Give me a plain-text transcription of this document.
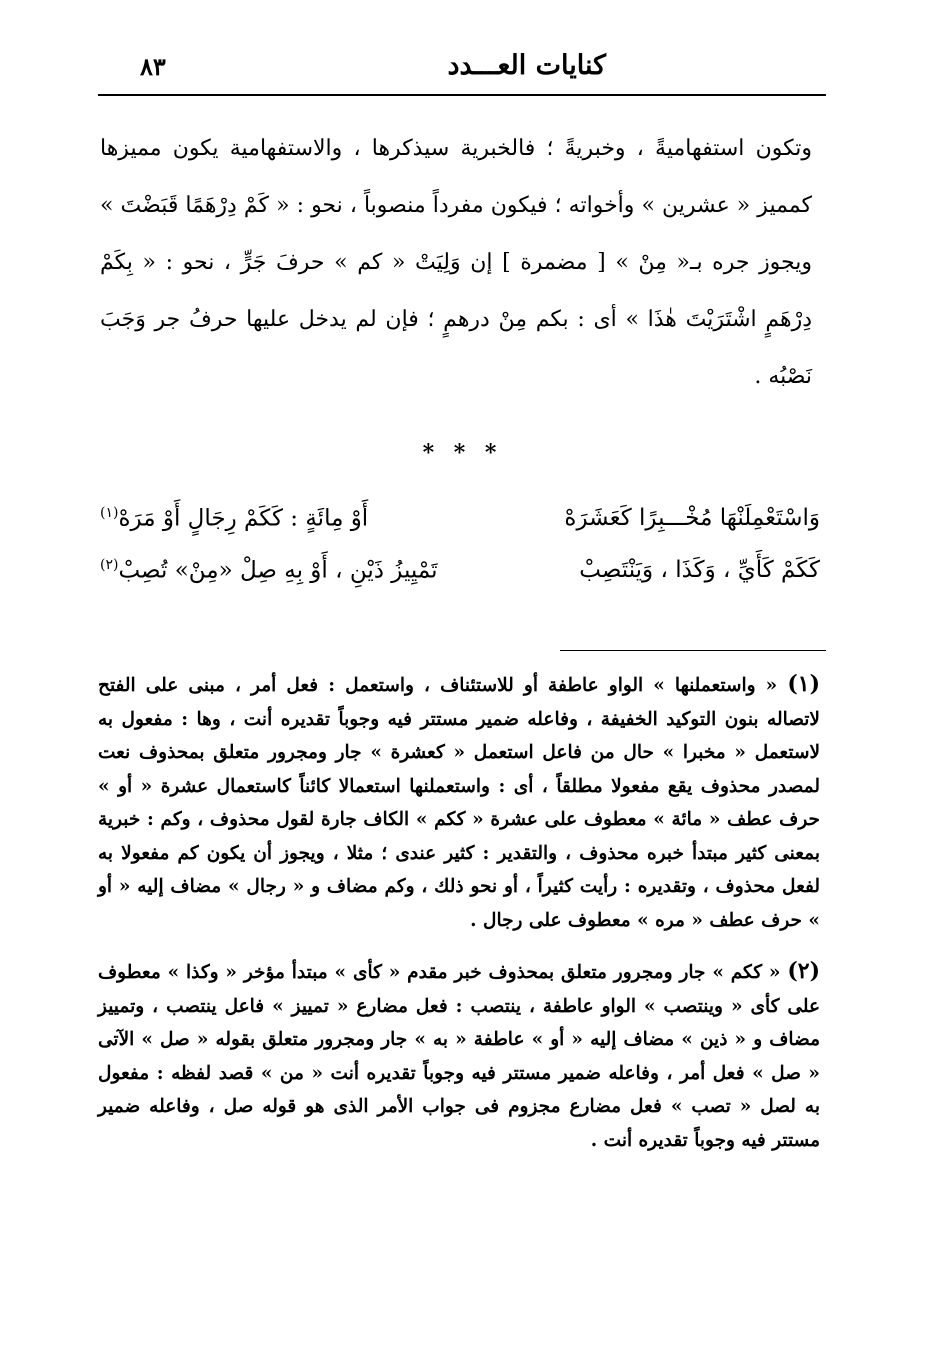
كنايات العـــدد
٨٣

وتكون استفهاميةً ، وخبريةً ؛ فالخبرية سيذكرها ، والاستفهامية يكون مميزها كمميز « عشرين » وأخواته ؛ فيكون مفرداً منصوباً ، نحو : « كَمْ دِرْهَمًا قَبَضْتَ » ويجوز جره بـ« مِنْ » [ مضمرة ] إن وَلِيَتْ « كم » حرفَ جَرٍّ ، نحو : « بِكَمْ دِرْهَمٍ اشْتَرَيْتَ هٰذَا » أى : بكم مِنْ درهمٍ ؛ فإن لم يدخل عليها حرفُ جر وَجَبَ نَصْبُه .

* * *
وَاسْتَعْمِلَنْهَا مُخْـــبِرًا كَعَشَرَهْ
أَوْ مِائَةٍ : كَكَمْ رِجَالٍ أَوْ مَرَهْ$^{(١)}$
كَكَمْ كَأَيِّ ، وَكَذَا ، وَيَنْتَصِبْ
تَمْيِيزُ ذَيْنِ ، أَوْ بِهِ صِلْ «مِنْ» تُصِبْ$^{(٢)}$

(١) « واستعملنها » الواو عاطفة أو للاستئناف ، واستعمل : فعل أمر ، مبنى على الفتح لاتصاله بنون التوكيد الخفيفة ، وفاعله ضمير مستتر فيه وجوباً تقديره أنت ، وها : مفعول به لاستعمل « مخبرا » حال من فاعل استعمل « كعشرة » جار ومجرور متعلق بمحذوف نعت لمصدر محذوف يقع مفعولا مطلقاً ، أى : واستعملنها استعمالا كائناً كاستعمال عشرة « أو » حرف عطف « مائة » معطوف على عشرة « ككم » الكاف جارة لقول محذوف ، وكم : خبرية بمعنى كثير مبتدأ خبره محذوف ، والتقدير : كثير عندى ؛ مثلا ، ويجوز أن يكون كم مفعولا به لفعل محذوف ، وتقديره : رأيت كثيراً ، أو نحو ذلك ، وكم مضاف و « رجال » مضاف إليه « أو » حرف عطف « مره » معطوف على رجال .

(٢) « ككم » جار ومجرور متعلق بمحذوف خبر مقدم « كأى » مبتدأ مؤخر « وكذا » معطوف على كأى « وينتصب » الواو عاطفة ، ينتصب : فعل مضارع « تمييز » فاعل ينتصب ، وتمييز مضاف و « ذين » مضاف إليه « أو » عاطفة « به » جار ومجرور متعلق بقوله « صل » الآتى « صل » فعل أمر ، وفاعله ضمير مستتر فيه وجوباً تقديره أنت « من » قصد لفظه : مفعول به لصل « تصب » فعل مضارع مجزوم فى جواب الأمر الذى هو قوله صل ، وفاعله ضمير مستتر فيه وجوباً تقديره أنت .
